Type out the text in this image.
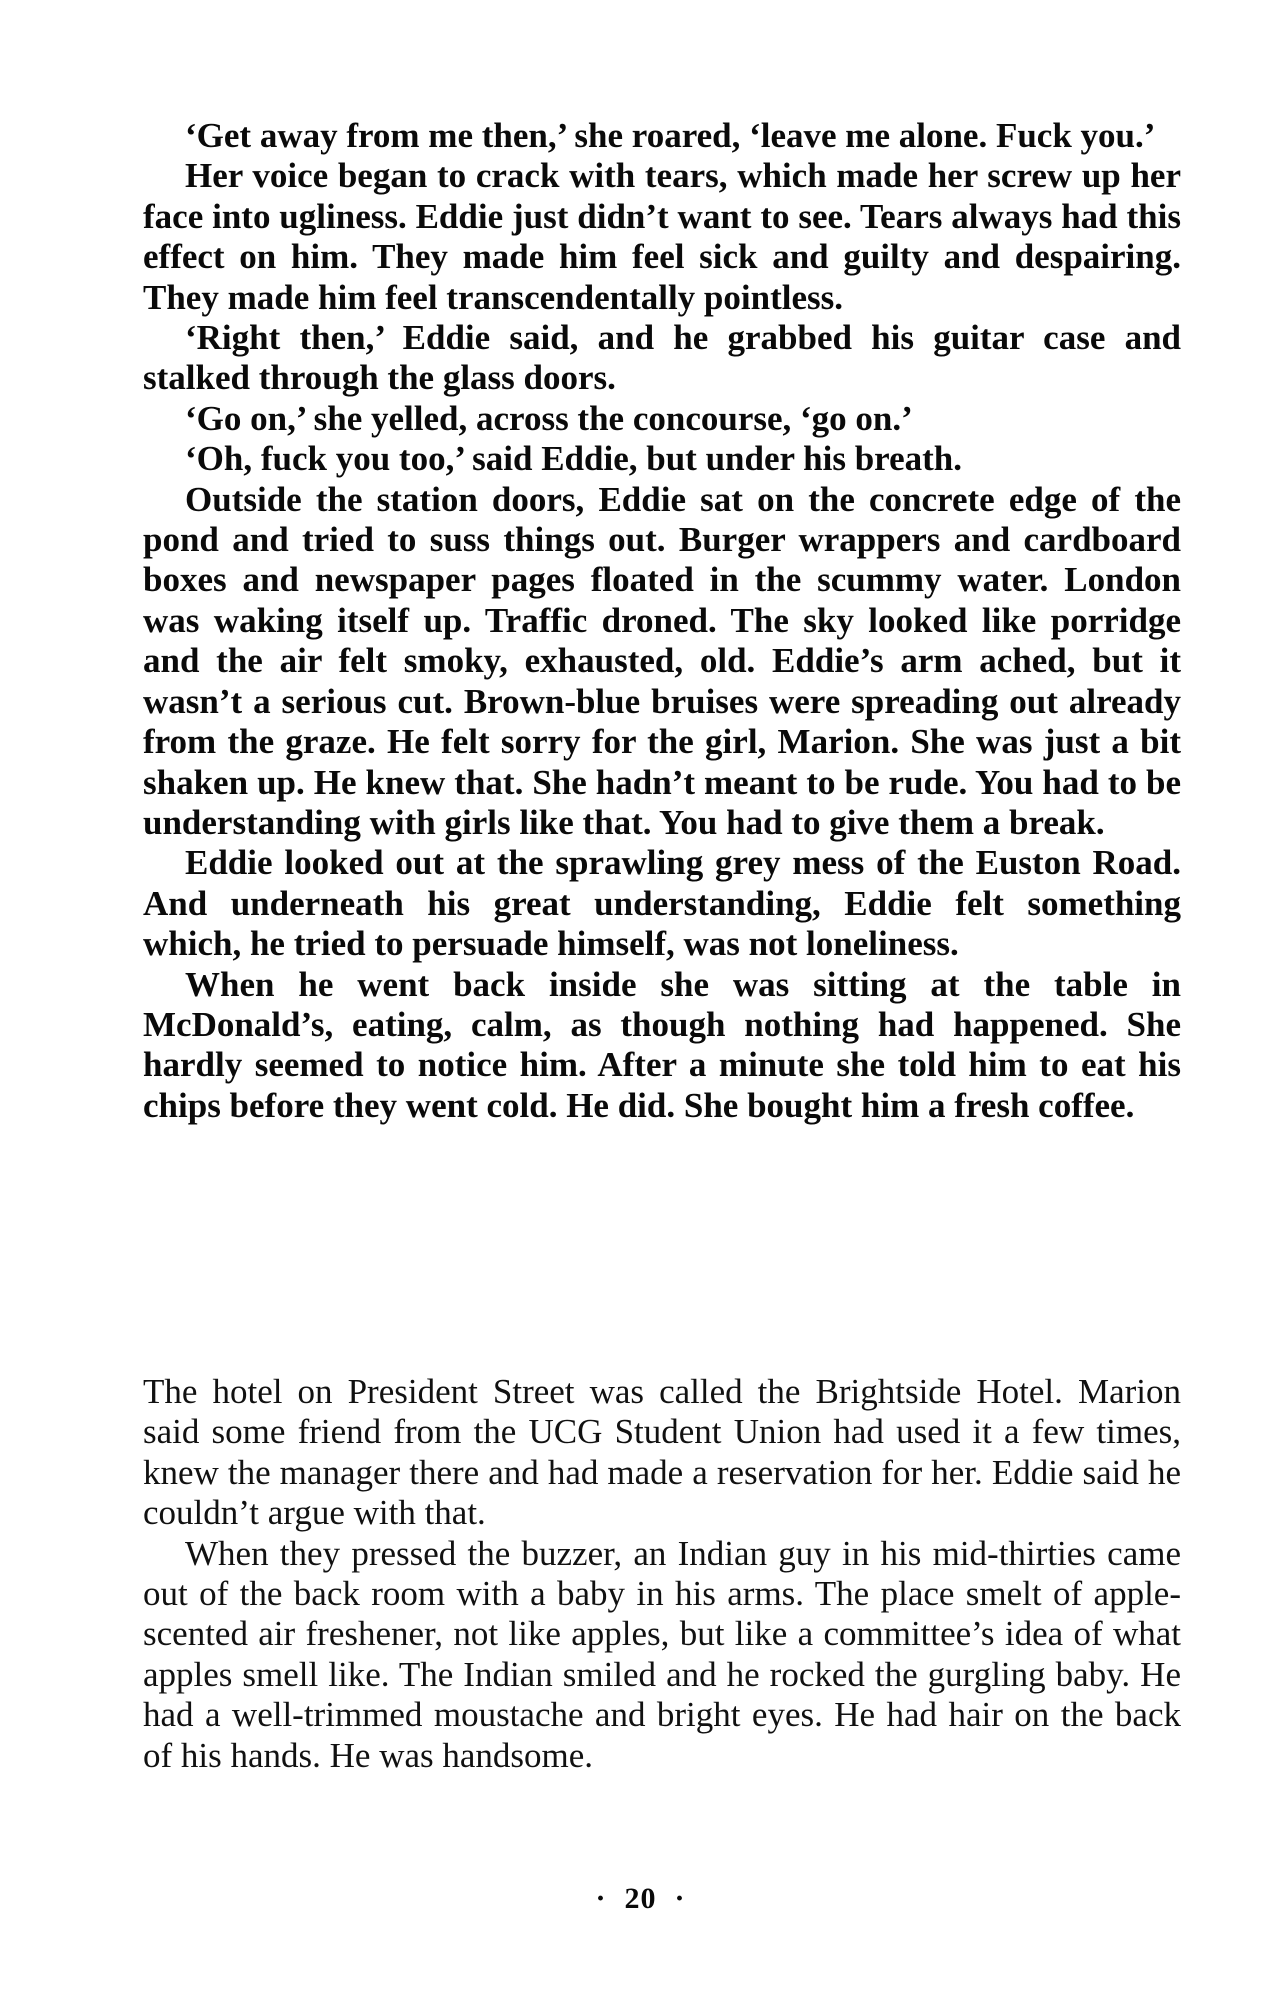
‘Get away from me then,’ she roared, ‘leave me alone. Fuck you.’

Her voice began to crack with tears, which made her screw up her face into ugliness. Eddie just didn’t want to see. Tears always had this effect on him. They made him feel sick and guilty and despairing. They made him feel transcendentally pointless.

‘Right then,’ Eddie said, and he grabbed his guitar case and stalked through the glass doors.

‘Go on,’ she yelled, across the concourse, ‘go on.’

‘Oh, fuck you too,’ said Eddie, but under his breath.

Outside the station doors, Eddie sat on the concrete edge of the pond and tried to suss things out. Burger wrappers and cardboard boxes and newspaper pages floated in the scummy water. London was waking itself up. Traffic droned. The sky looked like porridge and the air felt smoky, exhausted, old. Eddie’s arm ached, but it wasn’t a serious cut. Brown-blue bruises were spreading out already from the graze. He felt sorry for the girl, Marion. She was just a bit shaken up. He knew that. She hadn’t meant to be rude. You had to be understanding with girls like that. You had to give them a break.

Eddie looked out at the sprawling grey mess of the Euston Road. And underneath his great understanding, Eddie felt something which, he tried to persuade himself, was not loneliness.

When he went back inside she was sitting at the table in McDonald’s, eating, calm, as though nothing had happened. She hardly seemed to notice him. After a minute she told him to eat his chips before they went cold. He did. She bought him a fresh coffee.

The hotel on President Street was called the Brightside Hotel. Marion said some friend from the UCG Student Union had used it a few times, knew the manager there and had made a reservation for her. Eddie said he couldn’t argue with that.

When they pressed the buzzer, an Indian guy in his mid-thirties came out of the back room with a baby in his arms. The place smelt of apple-scented air freshener, not like apples, but like a committee’s idea of what apples smell like. The Indian smiled and he rocked the gurgling baby. He had a well-trimmed moustache and bright eyes. He had hair on the back of his hands. He was handsome.

· 20 ·
